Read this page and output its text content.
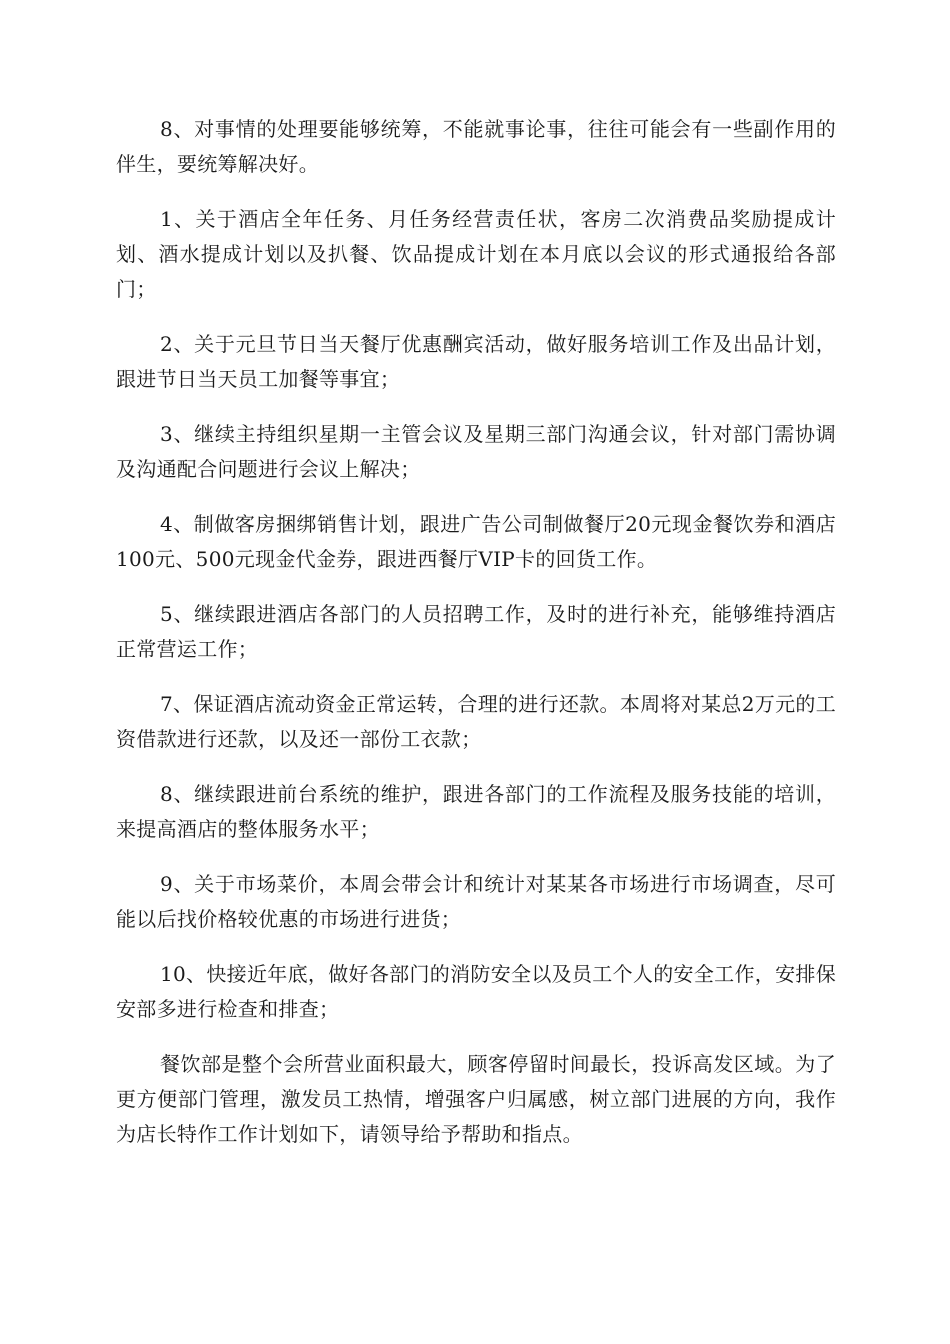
8、对事情的处理要能够统筹，不能就事论事，往往可能会有一些副作用的伴生，要统筹解决好。

1、关于酒店全年任务、月任务经营责任状，客房二次消费品奖励提成计划、酒水提成计划以及扒餐、饮品提成计划在本月底以会议的形式通报给各部门；

2、关于元旦节日当天餐厅优惠酬宾活动，做好服务培训工作及出品计划，跟进节日当天员工加餐等事宜；

3、继续主持组织星期一主管会议及星期三部门沟通会议，针对部门需协调及沟通配合问题进行会议上解决；

4、制做客房捆绑销售计划，跟进广告公司制做餐厅20元现金餐饮券和酒店100元、500元现金代金券，跟进西餐厅VIP卡的回货工作。

5、继续跟进酒店各部门的人员招聘工作，及时的进行补充，能够维持酒店正常营运工作；

7、保证酒店流动资金正常运转，合理的进行还款。本周将对某总2万元的工资借款进行还款，以及还一部份工衣款；

8、继续跟进前台系统的维护，跟进各部门的工作流程及服务技能的培训，来提高酒店的整体服务水平；

9、关于市场菜价，本周会带会计和统计对某某各市场进行市场调查，尽可能以后找价格较优惠的市场进行进货；

10、快接近年底，做好各部门的消防安全以及员工个人的安全工作，安排保安部多进行检查和排查；

餐饮部是整个会所营业面积最大，顾客停留时间最长，投诉高发区域。为了更方便部门管理，激发员工热情，增强客户归属感，树立部门进展的方向，我作为店长特作工作计划如下，请领导给予帮助和指点。
